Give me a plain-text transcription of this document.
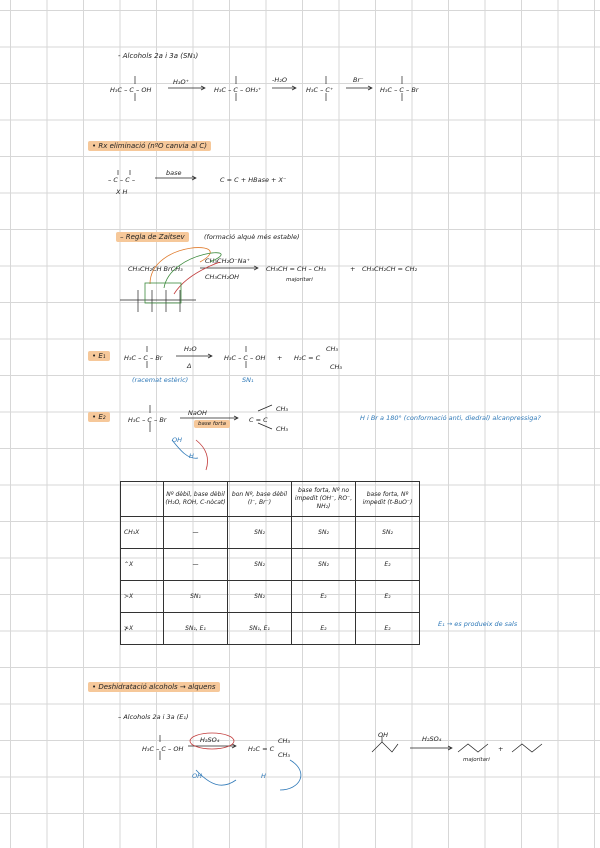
- Alcohols 2a i 3a (SN₁)
H₃C – C – OH
H₃O⁺
H₃C – C – OH₂⁺
-H₂O
H₃C – C⁺
Br⁻
H₃C – C – Br
• Rx eliminació (nºO canvia al C)
– C – C –
X H
base
C = C + HBase + X⁻
– Regla de Zaitsev	(formació alquè més estable)
CH₃CH₂CH BrCH₃
CH₃CH₂O⁻Na⁺
CH₃CH₂OH
CH₃CH = CH – CH₃
majoritari
+ CH₃CH₂CH = CH₂
• E₁	H₃C – C – Br
H₂O
Δ
H₃C – C – OH + H₂C = C
CH₃
CH₃
(racemat estèric)	SN₁
• E₂	H₃C – C – Br
NaOH
base forta	C = C
CH₃
CH₃
H i Br a 180° (conformació anti, diedral) alcanpressiga?
OH
H
	Nº dèbil, base dèbil (H₂O, ROH, C-nòcat)	bon Nº, base dèbil (I⁻, Br⁻)	base forta, Nº no impedit (OH⁻, RO⁻, NH₂)	base forta, Nº impedit (t-BuO⁻)
CH₃X	—	SN₂	SN₂	SN₂
⌃X	—	SN₂	SN₂	E₂
≻X	SN₁	SN₂	E₂	E₂
⊁X	SN₁, E₁	SN₁, E₁	E₂	E₂	E₁ → es produeix de sals
• Deshidratació alcohols → alquens
– Alcohols 2a i 3a (E₁)
H₃C – C – OH
H₂SO₄
H₂C = C
CH₃
CH₃
OH	H
OH	H₂SO₄
majoritari
+
